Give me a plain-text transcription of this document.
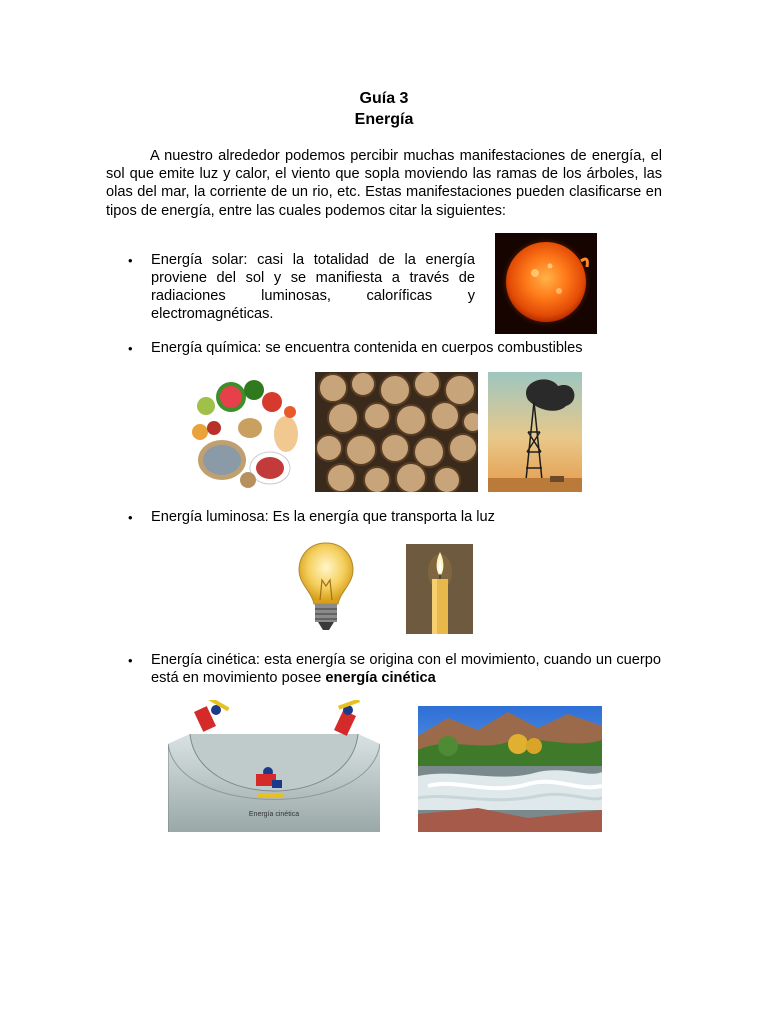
Guía 3
Energía

A nuestro alrededor podemos percibir muchas manifestaciones de energía, el sol que emite luz y calor, el viento que sopla moviendo las ramas de los árboles, las olas del mar, la corriente de un rio, etc. Estas manifestaciones pueden clasificarse en tipos de energía, entre las cuales podemos citar la siguientes:

• Energía solar: casi la totalidad de la energía proviene del sol y se manifiesta a través de radiaciones luminosas, caloríficas y electromagnéticas.
• Energía química: se encuentra contenida en cuerpos combustibles
• Energía luminosa: Es la energía que transporta la luz
• Energía cinética: esta energía se origina con el movimiento, cuando un cuerpo está en movimiento posee energía cinética
Energía cinética
